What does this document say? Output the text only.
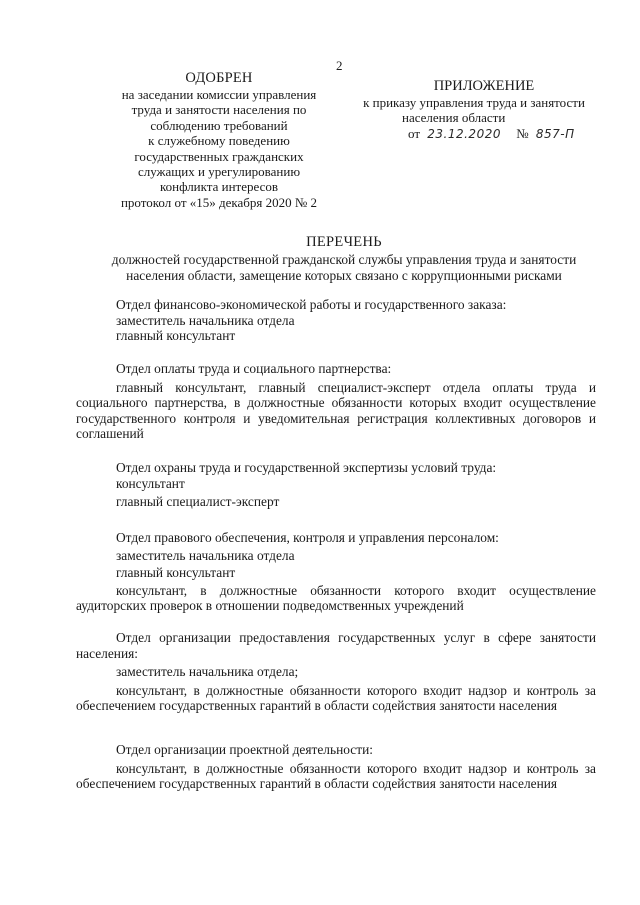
2
ОДОБРЕН
на заседании комиссии управления
труда и занятости населения по
соблюдению требований
к служебному поведению
государственных гражданских
служащих и урегулированию
конфликта интересов
протокол от «15» декабря 2020 № 2
ПРИЛОЖЕНИЕ
к приказу управления труда и занятости
населения области
от 23.12.2020 № 857-П
ПЕРЕЧЕНЬ
должностей государственной гражданской службы управления труда и занятости
населения области, замещение которых связано с коррупционными рисками
Отдел финансово-экономической работы и государственного заказа:
заместитель начальника отдела
главный консультант
Отдел оплаты труда и социального партнерства:
главный консультант, главный специалист-эксперт отдела оплаты труда и социального партнерства, в должностные обязанности которых входит осуществление государственного контроля и уведомительная регистрация коллективных договоров и соглашений
Отдел охраны труда и государственной экспертизы условий труда:
консультант
главный специалист-эксперт
Отдел правового обеспечения, контроля и управления персоналом:
заместитель начальника отдела
главный консультант
консультант, в должностные обязанности которого входит осуществление аудиторских проверок в отношении подведомственных учреждений
Отдел организации предоставления государственных услуг в сфере занятости населения:
заместитель начальника отдела;
консультант, в должностные обязанности которого входит надзор и контроль за обеспечением государственных гарантий в области содействия занятости населения
Отдел организации проектной деятельности:
консультант, в должностные обязанности которого входит надзор и контроль за обеспечением государственных гарантий в области содействия занятости населения
